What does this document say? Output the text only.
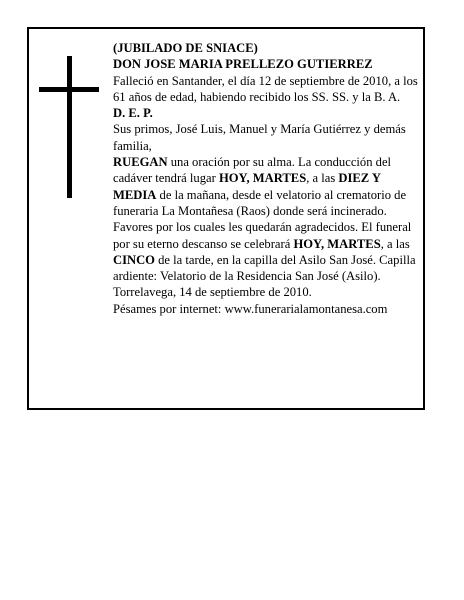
(JUBILADO DE SNIACE)

DON JOSE MARIA PRELLEZO GUTIERREZ

Falleció en Santander, el día 12 de septiembre de 2010, a los 61 años de edad, habiendo recibido los SS. SS. y la B. A.

D. E. P.

Sus primos, José Luis, Manuel y María Gutiérrez y demás familia,

RUEGAN una oración por su alma. La conducción del cadáver tendrá lugar HOY, MARTES, a las DIEZ Y MEDIA de la mañana, desde el velatorio al crematorio de funeraria La Montañesa (Raos) donde será incinerado. Favores por los cuales les quedarán agradecidos. El funeral por su eterno descanso se celebrará HOY, MARTES, a las CINCO de la tarde, en la capilla del Asilo San José. Capilla ardiente: Velatorio de la Residencia San José (Asilo).

Torrelavega, 14 de septiembre de 2010.

Pésames por internet: www.funerarialamontanesa.com
